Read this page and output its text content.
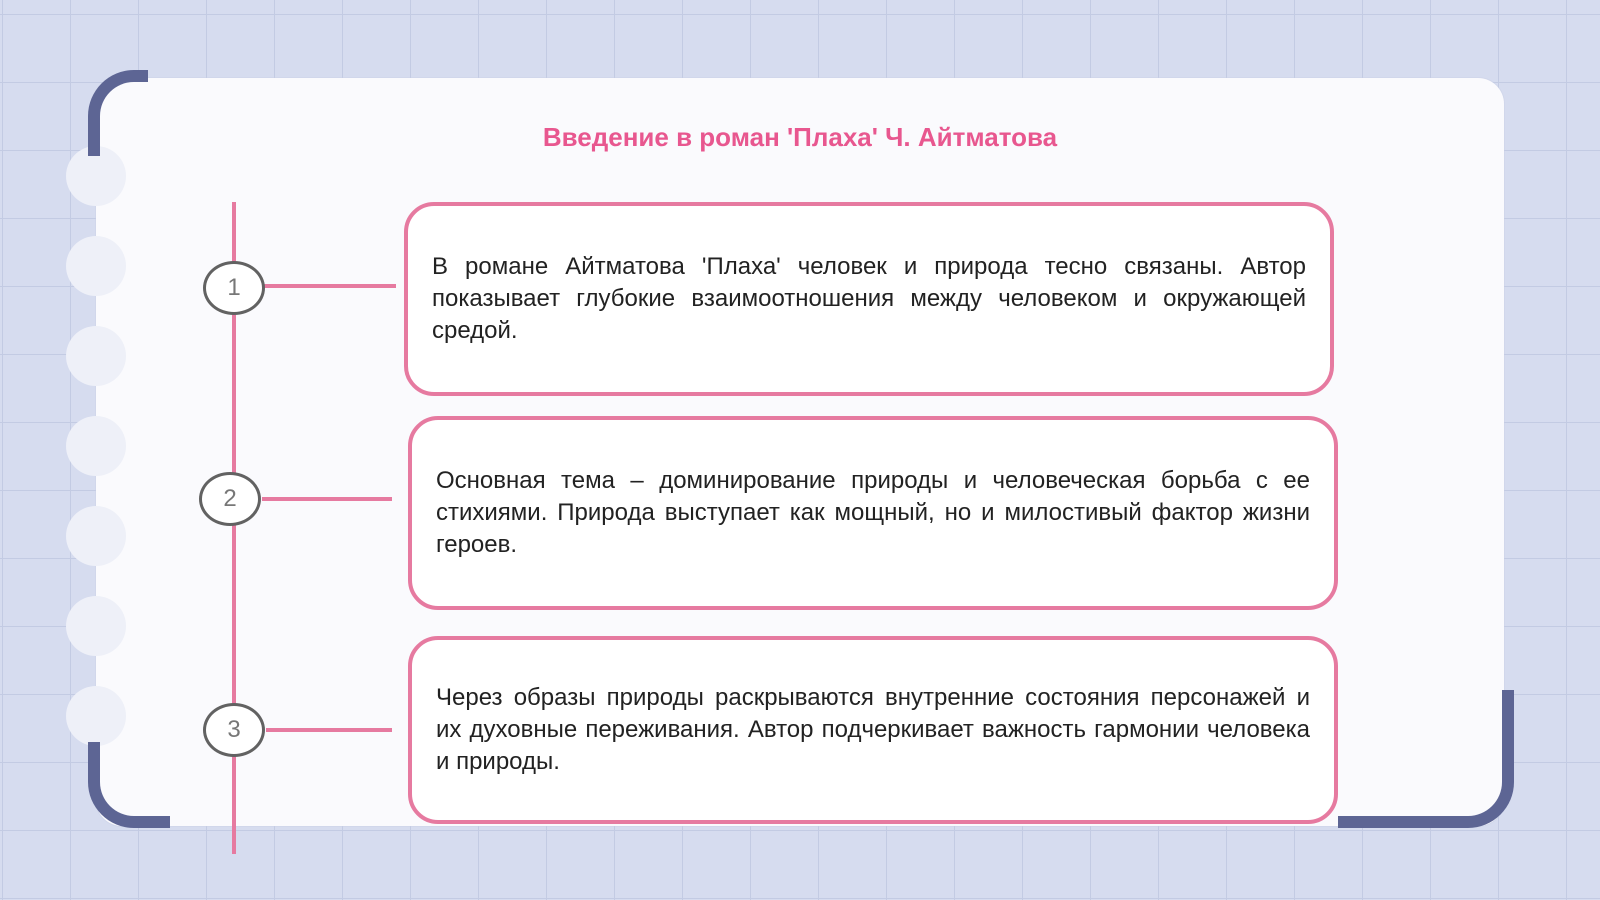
Введение в роман 'Плаха' Ч. Айтматова
1

В романе Айтматова 'Плаха' человек и природа тесно связаны. Автор показывает глубокие взаимоотношения между человеком и окружающей средой.

2

Основная тема – доминирование природы и человеческая борьба с ее стихиями. Природа выступает как мощный, но и милостивый фактор жизни героев.

3

Через образы природы раскрываются внутренние состояния персонажей и их духовные переживания. Автор подчеркивает важность гармонии человека и природы.
